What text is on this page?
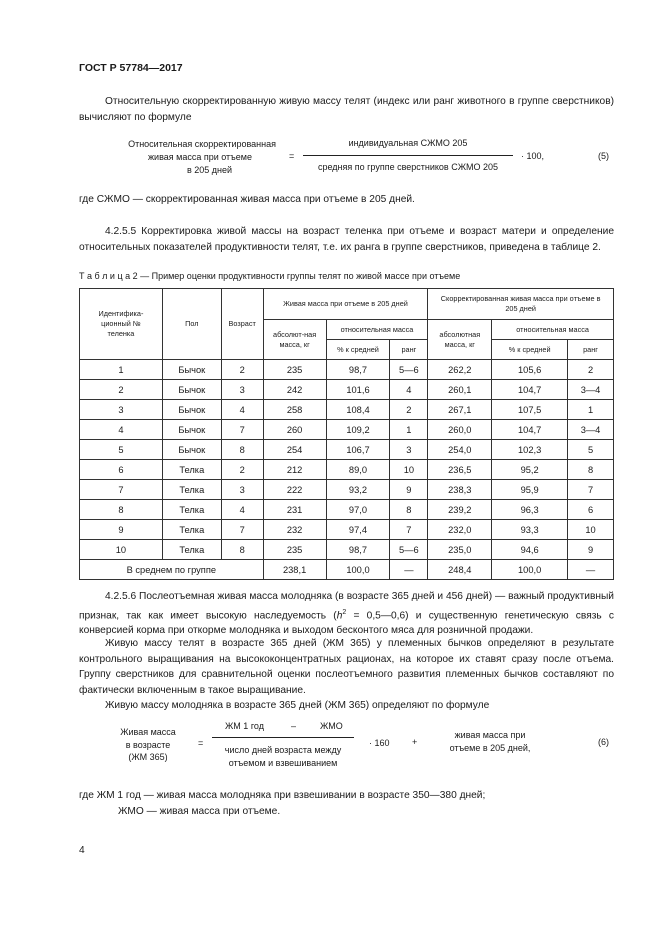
ГОСТ Р 57784—2017
Относительную скорректированную живую массу телят (индекс или ранг животного в группе сверстников) вычисляют по формуле
Относительная скорректированная
живая масса при отъеме
в 205 дней
=
индивидуальная СЖМО 205
средняя по группе сверстников СЖМО 205
· 100,	(5)
где СЖМО — скорректированная живая масса при отъеме в 205 дней.
4.2.5.5 Корректировка живой массы на возраст теленка при отъеме и возраст матери и определение относительных показателей продуктивности телят, т.е. их ранга в группе сверстников, приведена в таблице 2.
Т а б л и ц а 2 — Пример оценки продуктивности группы телят по живой массе при отъеме
Идентифика-ционный № теленка	Пол	Возраст	Живая масса при отъеме в 205 дней			Скорректированная живая масса при отъеме в 205 дней		
			абсолют-ная масса, кг	относительная масса		абсолютная масса, кг	относительная масса	
				% к средней	ранг		% к средней	ранг
1	Бычок	2	235	98,7	5—6	262,2	105,6	2
2	Бычок	3	242	101,6	4	260,1	104,7	3—4
3	Бычок	4	258	108,4	2	267,1	107,5	1
4	Бычок	7	260	109,2	1	260,0	104,7	3—4
5	Бычок	8	254	106,7	3	254,0	102,3	5
6	Телка	2	212	89,0	10	236,5	95,2	8
7	Телка	3	222	93,2	9	238,3	95,9	7
8	Телка	4	231	97,0	8	239,2	96,3	6
9	Телка	7	232	97,4	7	232,0	93,3	10
10	Телка	8	235	98,7	5—6	235,0	94,6	9
В среднем по группе			238,1	100,0	—	248,4	100,0	—
4.2.5.6 Послеотъемная живая масса молодняка (в возрасте 365 дней и 456 дней) — важный продуктивный признак, так как имеет высокую наследуемость ($h^2$ = 0,5—0,6) и существенную генетическую связь с конверсией корма при откорме молодняка и выходом бесконтого мяса для розничной продажи.
Живую массу телят в возрасте 365 дней (ЖМ 365) у племенных бычков определяют в результате контрольного выращивания на высококонцентратных рационах, на которое их ставят сразу после отъема. Группу сверстников для сравнительной оценки послеотъемного развития племенных бычков составляют по фактически включенным в такое выращивание.
Живую массу молодняка в возрасте 365 дней (ЖМ 365) определяют по формуле
Живая масса
в возрасте
(ЖМ 365)
=
ЖМ 1 год	–	ЖМО
число дней возраста между
отъемом и взвешиванием
· 160 +
живая масса при
отъеме в 205 дней,
(6)
где ЖМ 1 год — живая масса молодняка при взвешивании в возрасте 350—380 дней;
ЖМО — живая масса при отъеме.
4
